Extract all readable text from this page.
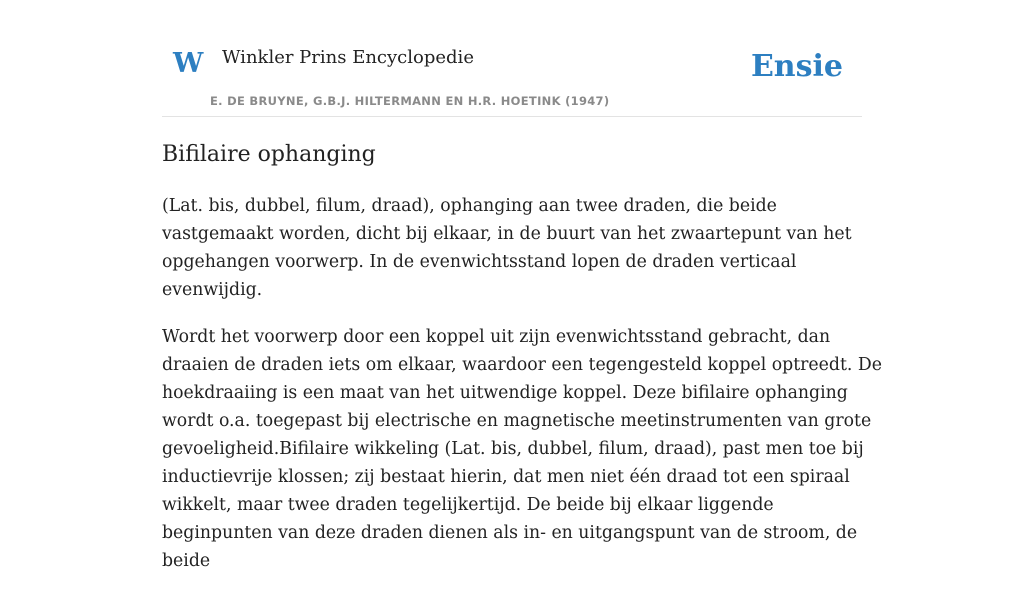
W Winkler Prins Encyclopedie
E. DE BRUYNE, G.B.J. HILTERMANN EN H.R. HOETINK (1947)
Ensie
Bifilaire ophanging

(Lat. bis, dubbel, filum, draad), ophanging aan twee draden, die beide vastgemaakt worden, dicht bij elkaar, in de buurt van het zwaartepunt van het opgehangen voorwerp. In de evenwichtsstand lopen de draden verticaal evenwijdig.

Wordt het voorwerp door een koppel uit zijn evenwichtsstand gebracht, dan draaien de draden iets om elkaar, waardoor een tegengesteld koppel optreedt. De hoekdraaiing is een maat van het uitwendige koppel. Deze bifilaire ophanging wordt o.a. toegepast bij electrische en magnetische meetinstrumenten van grote gevoeligheid.Bifilaire wikkeling (Lat. bis, dubbel, filum, draad), past men toe bij inductievrije klossen; zij bestaat hierin, dat men niet één draad tot een spiraal wikkelt, maar twee draden tegelijkertijd. De beide bij elkaar liggende beginpunten van deze draden dienen als in- en uitgangspunt van de stroom, de beide
